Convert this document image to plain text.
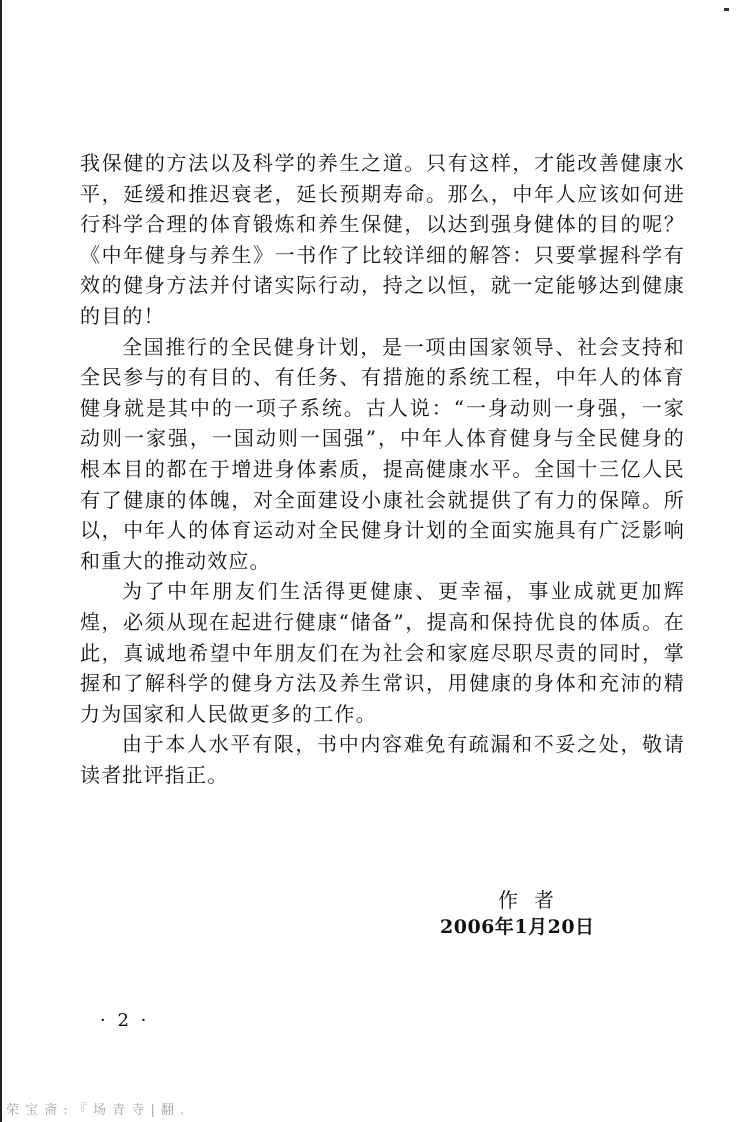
我保健的方法以及科学的养生之道。只有这样，才能改善健康水平，延缓和推迟衰老，延长预期寿命。那么，中年人应该如何进行科学合理的体育锻炼和养生保健，以达到强身健体的目的呢？《中年健身与养生》一书作了比较详细的解答：只要掌握科学有效的健身方法并付诸实际行动，持之以恒，就一定能够达到健康的目的！

全国推行的全民健身计划，是一项由国家领导、社会支持和全民参与的有目的、有任务、有措施的系统工程，中年人的体育健身就是其中的一项子系统。古人说：“一身动则一身强，一家动则一家强，一国动则一国强”，中年人体育健身与全民健身的根本目的都在于增进身体素质，提高健康水平。全国十三亿人民有了健康的体魄，对全面建设小康社会就提供了有力的保障。所以，中年人的体育运动对全民健身计划的全面实施具有广泛影响和重大的推动效应。

为了中年朋友们生活得更健康、更幸福，事业成就更加辉煌，必须从现在起进行健康“储备”，提高和保持优良的体质。在此，真诚地希望中年朋友们在为社会和家庭尽职尽责的同时，掌握和了解科学的健身方法及养生常识，用健康的身体和充沛的精力为国家和人民做更多的工作。

由于本人水平有限，书中内容难免有疏漏和不妥之处，敬请读者批评指正。

作者
2006年1月20日
· 2 ·
荣 宝 斋 : 『 场 青 寺 | 翻 .
